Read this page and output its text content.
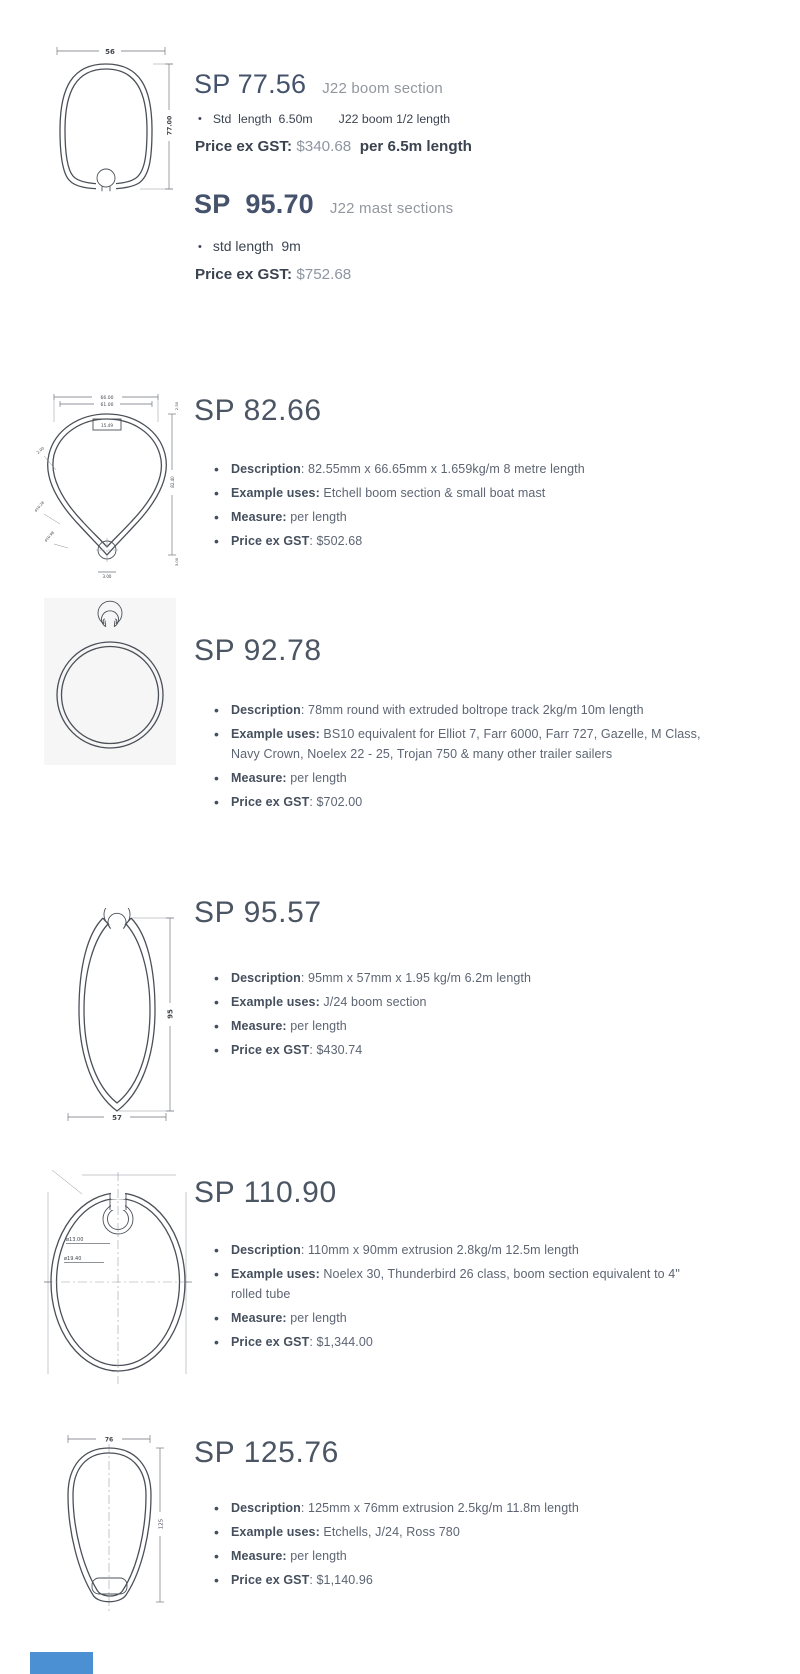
56
77.00
SP 77.56 J22 boom section
• Std  length  6.50m J22 boom 1/2 length
Price ex GST: $340.68 per 6.5m length
SP  95.70 J22 mast sections
• std length  9m
Price ex GST: $752.68
66.00
61.00
15.49
82.40
2.50
3.00
2.00
ø10.28
ø10.98
3.00
SP 82.66
• Description: 82.55mm x 66.65mm x 1.659kg/m 8 metre length
• Example uses: Etchell boom section & small boat mast
• Measure: per length
• Price ex GST: $502.68
SP 92.78
• Description: 78mm round with extruded boltrope track 2kg/m 10m length
• Example uses: BS10 equivalent for Elliot 7, Farr 6000, Farr 727, Gazelle, M Class,
Navy Crown, Noelex 22 - 25, Trojan 750 & many other trailer sailers
• Measure: per length
• Price ex GST: $702.00
95
57
SP 95.57
• Description: 95mm x 57mm x 1.95 kg/m 6.2m length
• Example uses: J/24 boom section
• Measure: per length
• Price ex GST: $430.74
ø13.00
ø19.40
SP 110.90
• Description: 110mm x 90mm extrusion 2.8kg/m 12.5m length
• Example uses: Noelex 30, Thunderbird 26 class, boom section equivalent to 4"
rolled tube
• Measure: per length
• Price ex GST: $1,344.00
76
125
SP 125.76
• Description: 125mm x 76mm extrusion 2.5kg/m 11.8m length
• Example uses: Etchells, J/24, Ross 780
• Measure: per length
• Price ex GST: $1,140.96
